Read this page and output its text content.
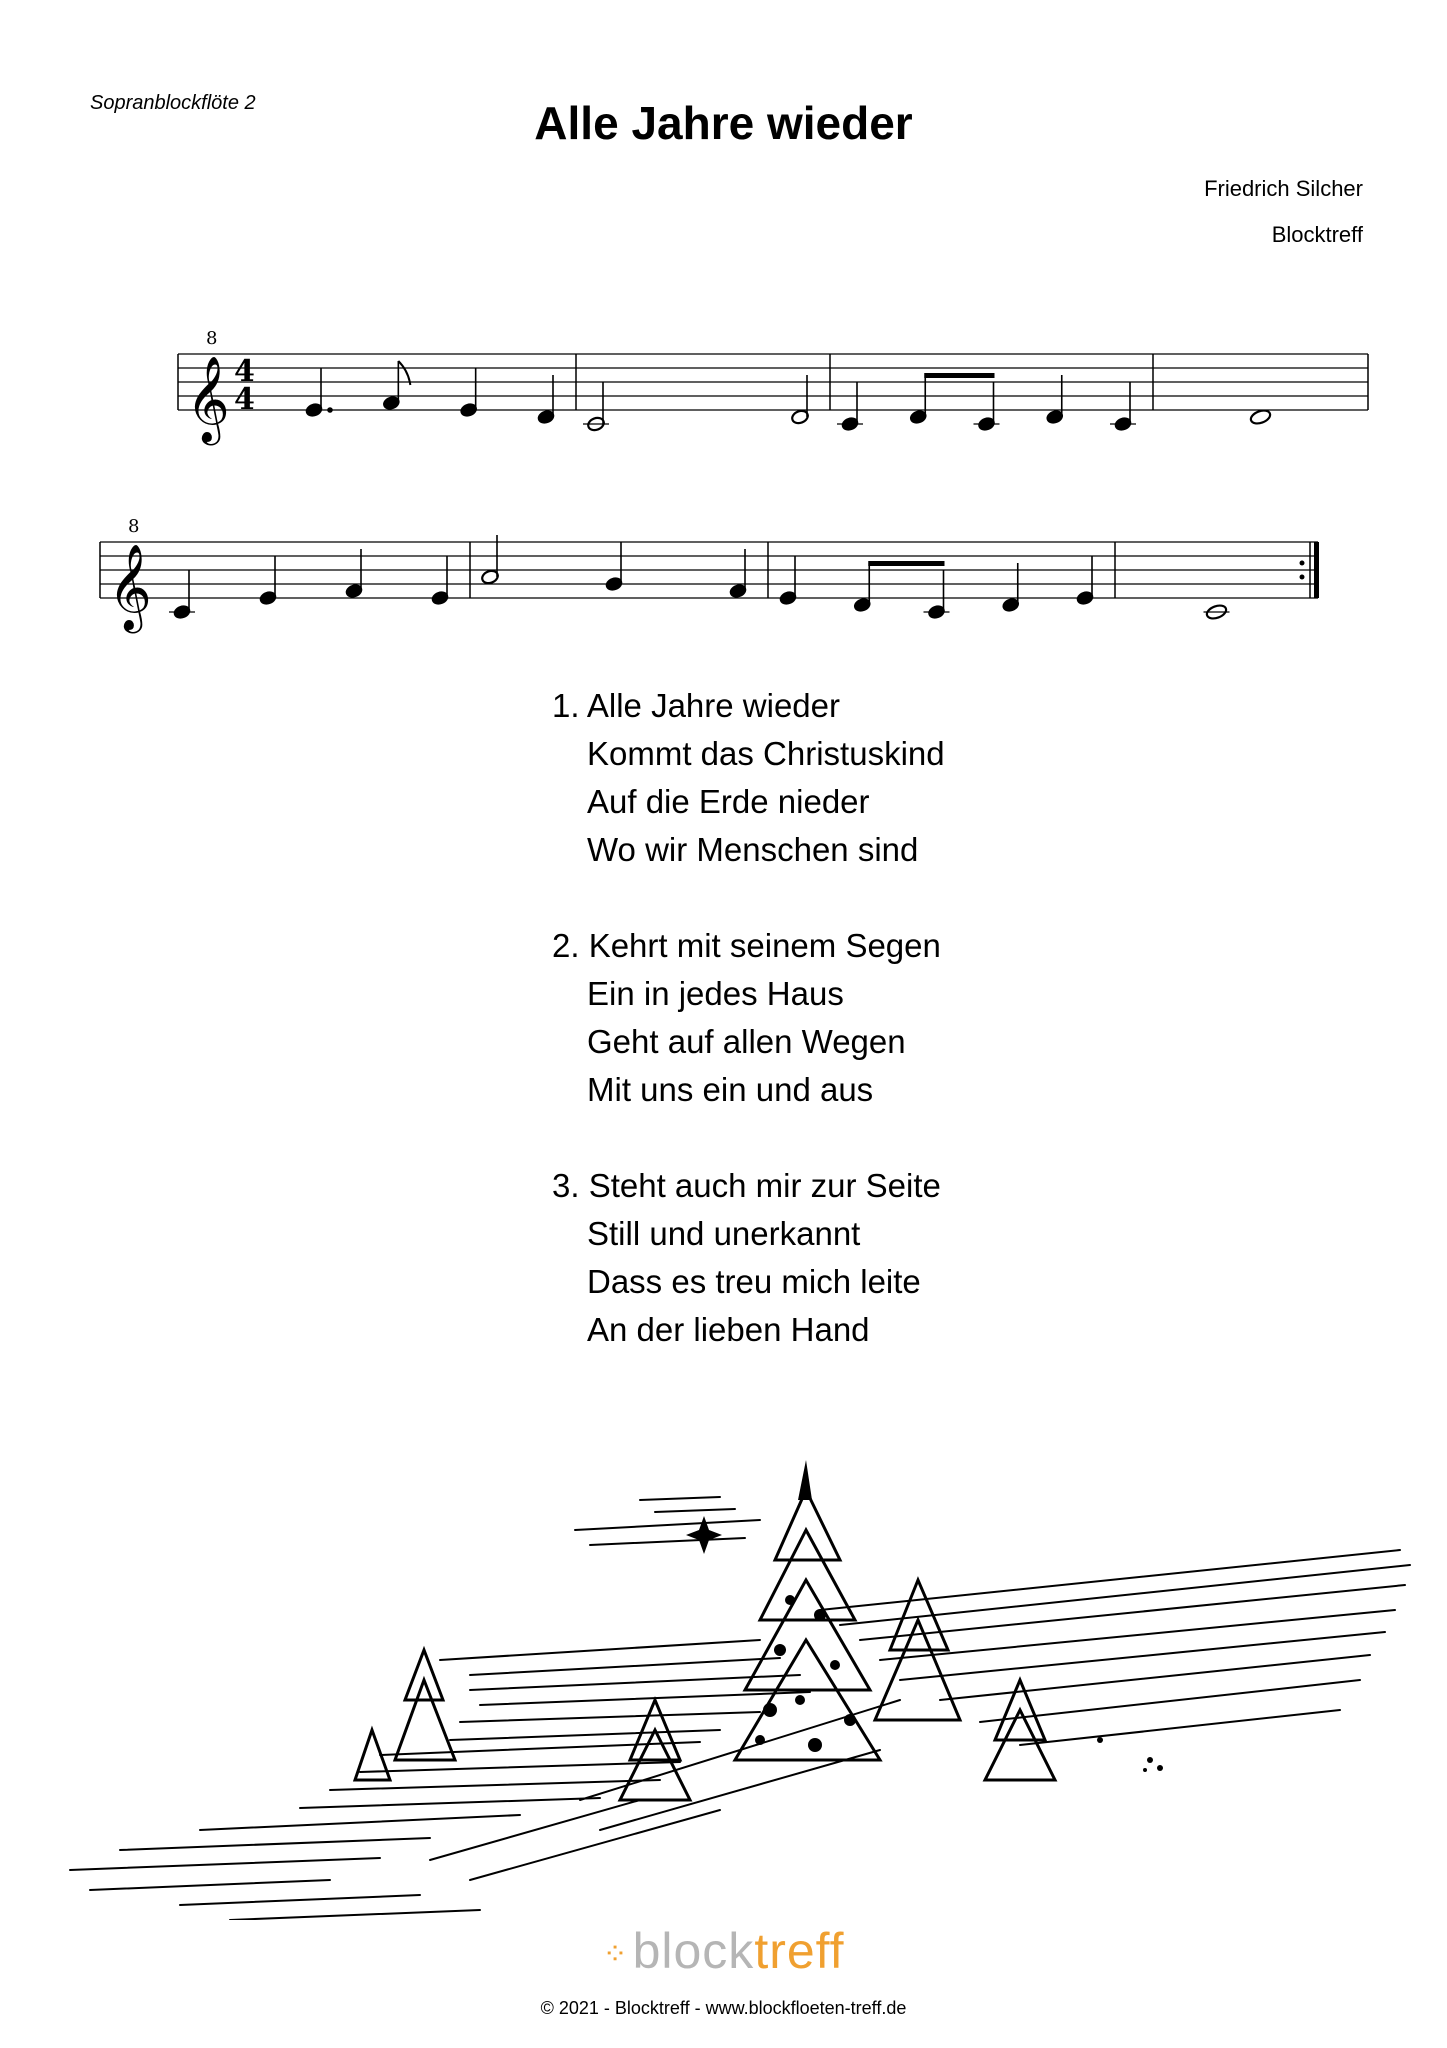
Sopranblockflöte 2	Alle Jahre wieder
Friedrich Silcher
Blocktreff
𝄞
8
4
4
𝄞
8
1. Alle Jahre wieder
Kommt das Christuskind
Auf die Erde nieder
Wo wir Menschen sind
2. Kehrt mit seinem Segen
Ein in jedes Haus
Geht auf allen Wegen
Mit uns ein und aus
3. Steht auch mir zur Seite
Still und unerkannt
Dass es treu mich leite
An der lieben Hand
⁘blocktreff
© 2021 - Blocktreff - www.blockfloeten-treff.de
